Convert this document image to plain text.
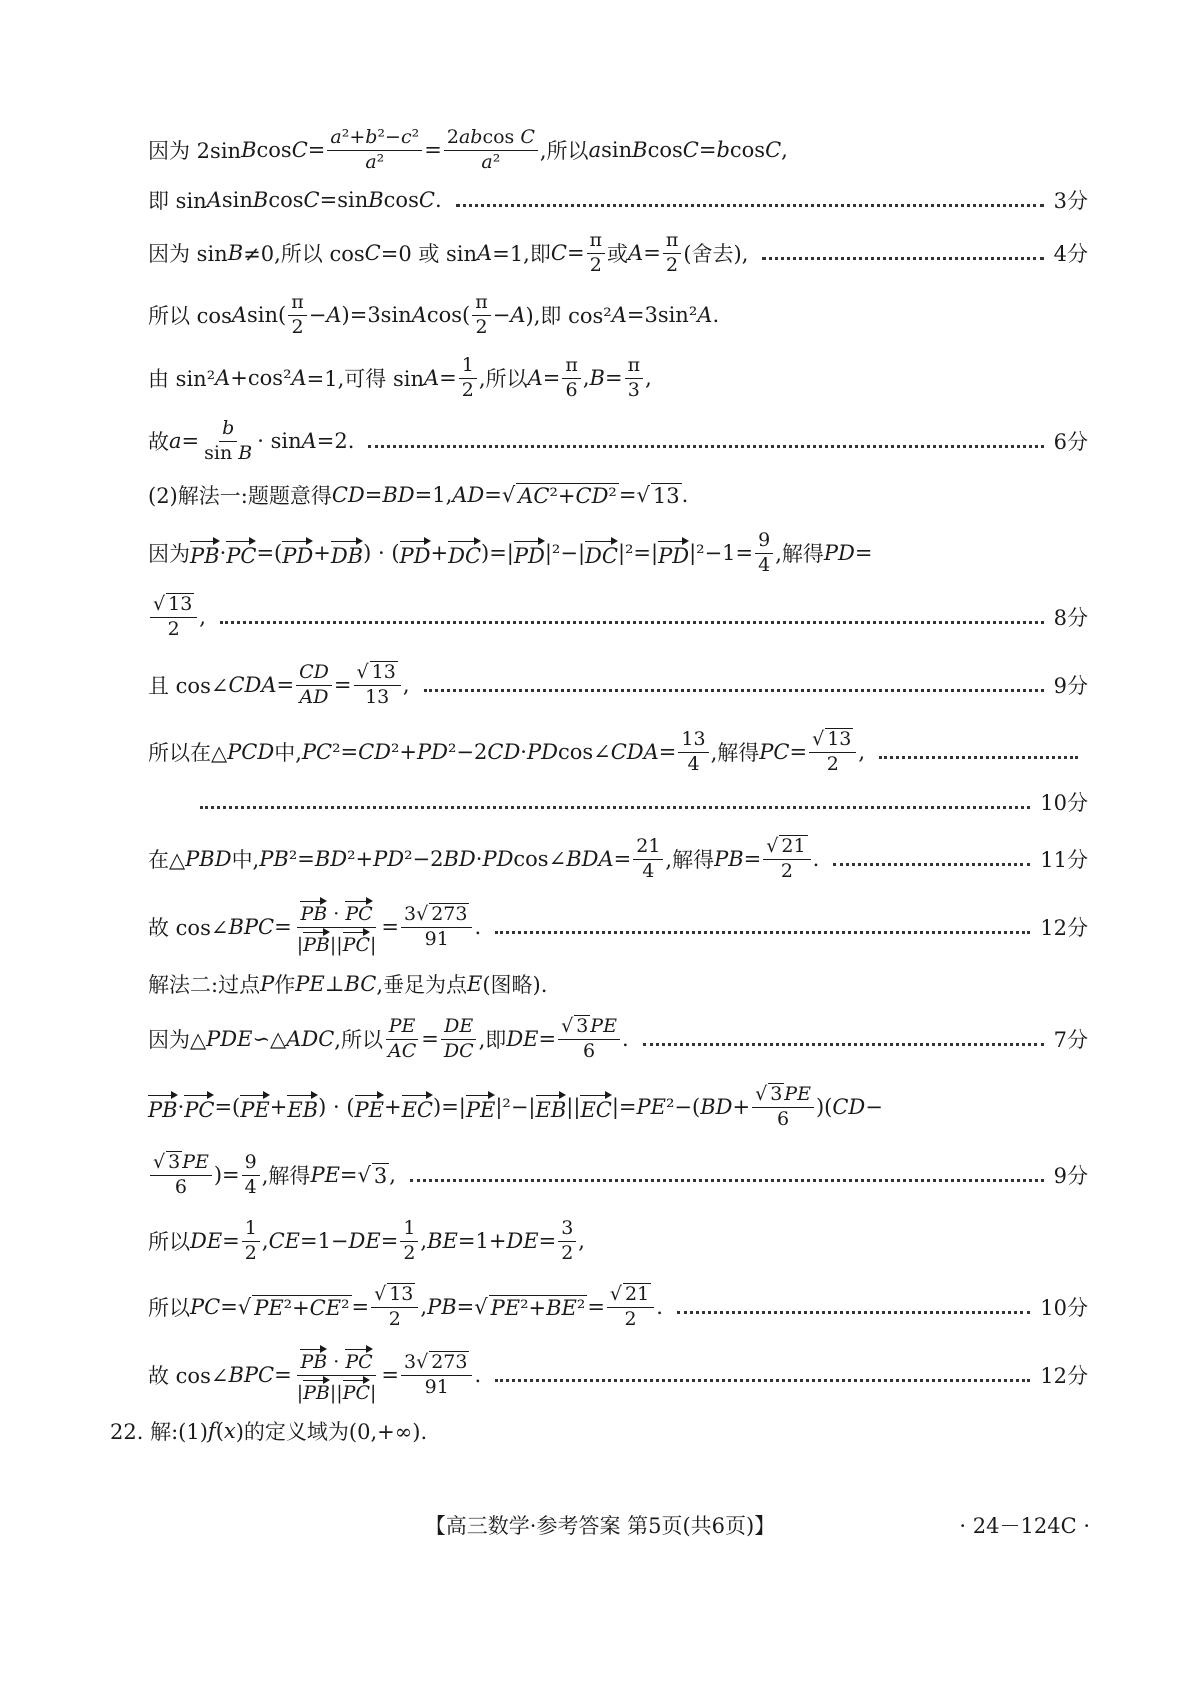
因为 2sin B $\cos C = \frac{\text{a²+b²−c²}}{\text{a²}} = \frac{\text{2abcos C}}{\text{a²}}$ ,所以 a sin B cos C = b cos C ,
即 sin A sin B cos C =sin B cos C .	3分
因为 sin B ≠0,所以 cos C =0 或 sin A =1,即 $C = \frac{\pi}{2}$ 或 $A = \frac{\pi}{2}$ (舍去),	4分
所以 cos A $\sin( \frac{\pi}{2} - A$ )=3sin A $\cos( \frac{\pi}{2} - A$ ),即 cos² A =3sin² A .
由 sin² A +cos² A =1,可得 $\sin A = \frac{1}{2}$ ,所以 $A = \frac{\pi}{6}$ , $B = \frac{\pi}{3}$ ,
故 $a = \frac{b}{\text{sin B}} \cdot \sin A =2$.	6分
(2)解法一:题题意得 CD = BD =1, AD =√ AC²+CD² =√ 13 .
因为 PB · PC =( PD + DB ) · ( PD + DC )=| PD |²−| DC |²=| PD $|^2-1= \frac{9}{4}$ ,解得 PD =
$\frac{√ 13}{2}$ ,	8分
且 cos∠ CDA = $\frac{CD}{AD} = \frac{√ 13}{13}$ ,	9分
所以在△ PCD 中, PC ²= CD ²+ PD ²−2 CD · PD cos∠ CDA = $\frac{13}{4}$ ,解得 PC = $\frac{√ 13}{2}$ ,
10分
在△ PBD 中, PB ²= BD ²+ PD ²−2 BD · PD cos∠ BDA = $\frac{21}{4}$ ,解得 PB = $\frac{√ 21}{2}$ .	11分
故 cos∠ BPC = $\frac{PB \cdot PC}{|PB||PC|} = \frac{3√ 273}{91}$ .	12分
解法二:过点 P 作 PE ⊥ BC ,垂足为点 E (图略).
因为△ PDE ∽△ ADC ,所以 $\frac{PE}{AC} = \frac{DE}{DC}$ ,即 DE = $\frac{√ 3 PE}{6}$ .	7分
PB · PC =( PE + EB ) · ( PE + EC )=| PE |²−| EB || EC |= PE ²−( BD + $\frac{√ 3 PE}{6}$ )( CD −
$\frac{√ 3 PE}{6}$ )= $\frac{9}{4}$ ,解得 PE =√ 3 ,	9分
所以 DE = $\frac{1}{2}$ , CE =1− DE = $\frac{1}{2}$ , BE =1+ DE = $\frac{3}{2}$ ,
所以 PC =√ $PE^2+CE^2 = \frac{√ 13}{2}$ , PB =√ $PE^2+BE^2 = \frac{√ 21}{2}$ .	10分
故 cos∠ BPC = $\frac{PB \cdot PC}{|PB||PC|} = \frac{3√ 273}{91}$ .	12分
22. 解:(1) f ( x )的定义域为(0,+∞).
【高三数学·参考答案 第5页(共6页)】	· 24－124C ·
